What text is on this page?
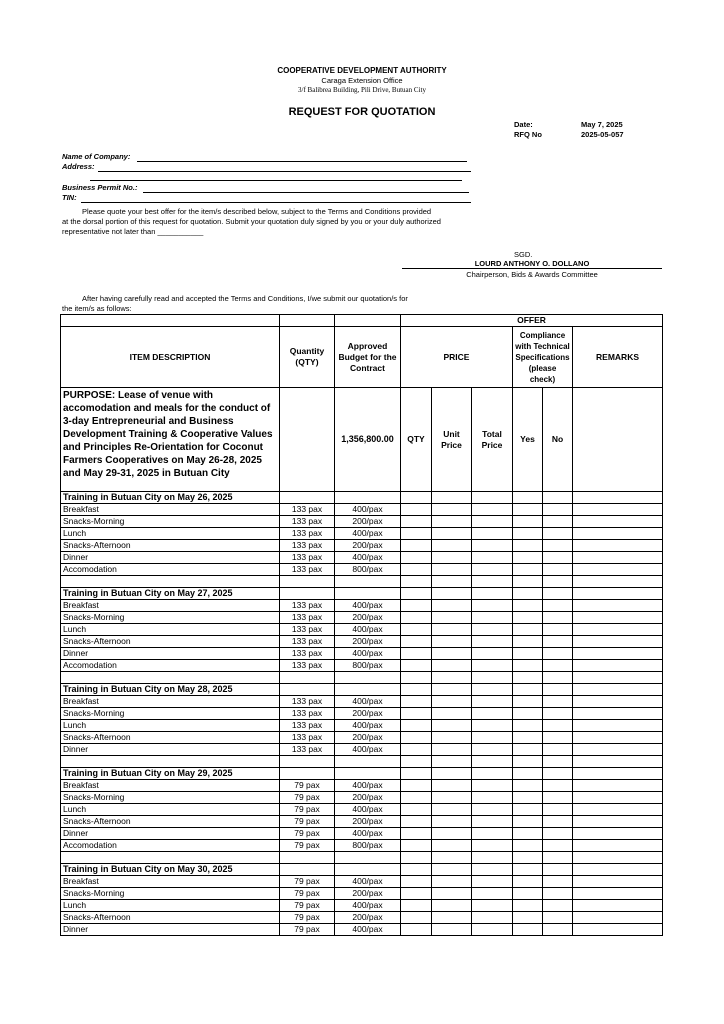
COOPERATIVE DEVELOPMENT AUTHORITY
Caraga Extension Office
3/f Balibrea Building, Pili Drive, Butuan City
REQUEST FOR QUOTATION
Date:	May 7, 2025
RFQ No	2025-05-057
Name of Company:
Address:
Business Permit No.:
TIN:
Please quote your best offer for the item/s described below, subject to the Terms and Conditions provided
at the dorsal portion of this request for quotation. Submit your quotation duly signed by you or your duly authorized
representative not later than ___________
SGD.
LOURD ANTHONY O. DOLLANO
Chairperson, Bids & Awards Committee
After having carefully read and accepted the Terms and Conditions, I/we submit our quotation/s for
the item/s as follows:
			OFFER					
ITEM DESCRIPTION	Quantity (QTY)	Approved Budget for the Contract	PRICE			Compliance with Technical Specifications (please check)		REMARKS
PURPOSE: Lease of venue with accomodation and meals for the conduct of 3-day Entrepreneurial and Business Development Training & Cooperative Values and Principles Re-Orientation for Coconut Farmers Cooperatives on May 26-28, 2025 and May 29-31, 2025 in Butuan City		1,356,800.00	QTY	Unit Price	Total Price	Yes	No	
Training in Butuan City on May 26, 2025								
Breakfast	133 pax	400/pax						
Snacks-Morning	133 pax	200/pax						
Lunch	133 pax	400/pax						
Snacks-Afternoon	133 pax	200/pax						
Dinner	133 pax	400/pax						
Accomodation	133 pax	800/pax						

Training in Butuan City on May 27, 2025								
Breakfast	133 pax	400/pax						
Snacks-Morning	133 pax	200/pax						
Lunch	133 pax	400/pax						
Snacks-Afternoon	133 pax	200/pax						
Dinner	133 pax	400/pax						
Accomodation	133 pax	800/pax						

Training in Butuan City on May 28, 2025								
Breakfast	133 pax	400/pax						
Snacks-Morning	133 pax	200/pax						
Lunch	133 pax	400/pax						
Snacks-Afternoon	133 pax	200/pax						
Dinner	133 pax	400/pax						

Training in Butuan City on May 29, 2025								
Breakfast	79 pax	400/pax						
Snacks-Morning	79 pax	200/pax						
Lunch	79 pax	400/pax						
Snacks-Afternoon	79 pax	200/pax						
Dinner	79 pax	400/pax						
Accomodation	79 pax	800/pax						

Training in Butuan City on May 30, 2025								
Breakfast	79 pax	400/pax						
Snacks-Morning	79 pax	200/pax						
Lunch	79 pax	400/pax						
Snacks-Afternoon	79 pax	200/pax						
Dinner	79 pax	400/pax						
